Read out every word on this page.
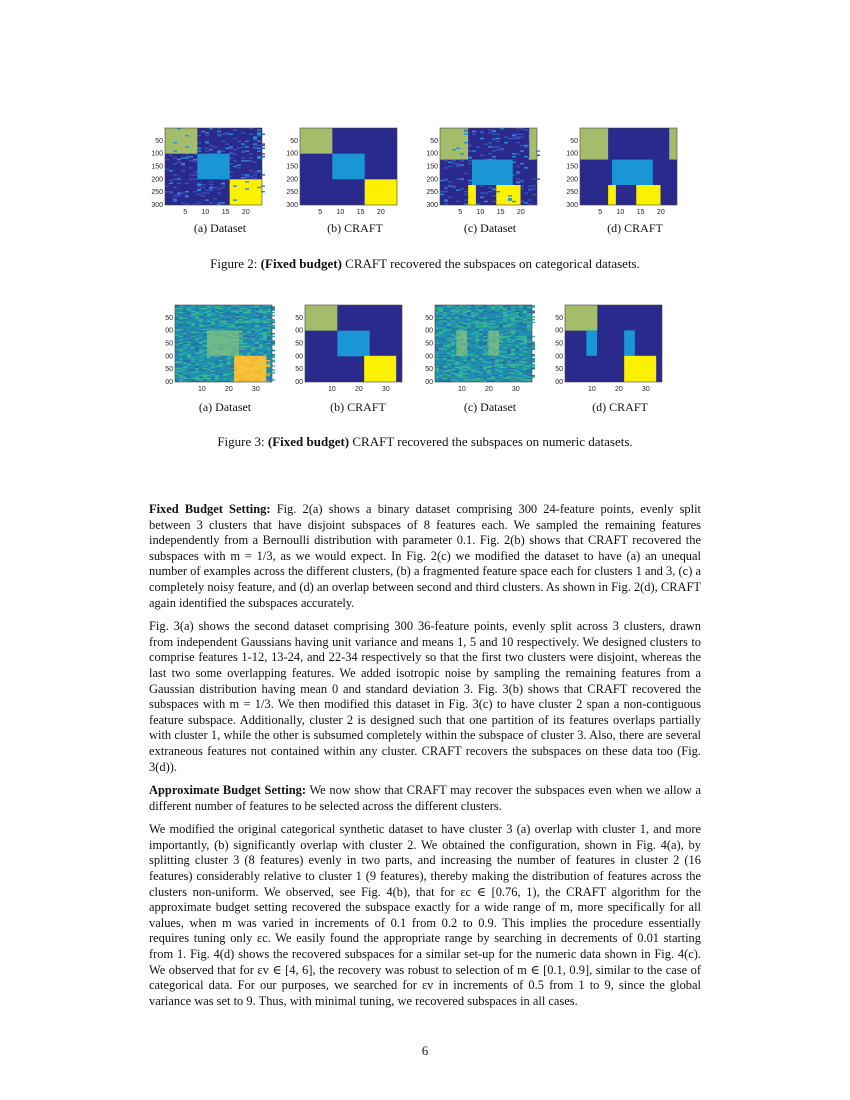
50
100
150
200
250
300
5 10 15 20
50
100
150
200
250
300
5 10 15 20
50
100
150
200
250
300
5 10 15 20
50
100
150
200
250
300
5 10 15 20
(a) Dataset	(b) CRAFT	(c) Dataset	(d) CRAFT
Figure 2: (Fixed budget) CRAFT recovered the subspaces on categorical datasets.
50
00
50
00
50
00
10	20	30
50
00
50
00
50
00
10	20	30
50
00
50
00
50
00
10	20	30
50
00
50
00
50
00
10	20	30
(a) Dataset	(b) CRAFT	(c) Dataset	(d) CRAFT
Figure 3: (Fixed budget) CRAFT recovered the subspaces on numeric datasets.

Fixed Budget Setting: Fig. 2(a) shows a binary dataset comprising 300 24-feature points, evenly split between 3 clusters that have disjoint subspaces of 8 features each. We sampled the remaining features independently from a Bernoulli distribution with parameter 0.1. Fig. 2(b) shows that CRAFT recovered the subspaces with m = 1/3, as we would expect. In Fig. 2(c) we modified the dataset to have (a) an unequal number of examples across the different clusters, (b) a fragmented feature space each for clusters 1 and 3, (c) a completely noisy feature, and (d) an overlap between second and third clusters. As shown in Fig. 2(d), CRAFT again identified the subspaces accurately.

Fig. 3(a) shows the second dataset comprising 300 36-feature points, evenly split across 3 clusters, drawn from independent Gaussians having unit variance and means 1, 5 and 10 respectively. We designed clusters to comprise features 1-12, 13-24, and 22-34 respectively so that the first two clusters were disjoint, whereas the last two some overlapping features. We added isotropic noise by sampling the remaining features from a Gaussian distribution having mean 0 and standard deviation 3. Fig. 3(b) shows that CRAFT recovered the subspaces with m = 1/3. We then modified this dataset in Fig. 3(c) to have cluster 2 span a non-contiguous feature subspace. Additionally, cluster 2 is designed such that one partition of its features overlaps partially with cluster 1, while the other is subsumed completely within the subspace of cluster 3. Also, there are several extraneous features not contained within any cluster. CRAFT recovers the subspaces on these data too (Fig. 3(d)).

Approximate Budget Setting: We now show that CRAFT may recover the subspaces even when we allow a different number of features to be selected across the different clusters.

We modified the original categorical synthetic dataset to have cluster 3 (a) overlap with cluster 1, and more importantly, (b) significantly overlap with cluster 2. We obtained the configuration, shown in Fig. 4(a), by splitting cluster 3 (8 features) evenly in two parts, and increasing the number of features in cluster 2 (16 features) considerably relative to cluster 1 (9 features), thereby making the distribution of features across the clusters non-uniform. We observed, see Fig. 4(b), that for εc ∈ [0.76, 1), the CRAFT algorithm for the approximate budget setting recovered the subspace exactly for a wide range of m, more specifically for all values, when m was varied in increments of 0.1 from 0.2 to 0.9. This implies the procedure essentially requires tuning only εc. We easily found the appropriate range by searching in decrements of 0.01 starting from 1. Fig. 4(d) shows the recovered subspaces for a similar set-up for the numeric data shown in Fig. 4(c). We observed that for εv ∈ [4, 6], the recovery was robust to selection of m ∈ [0.1, 0.9], similar to the case of categorical data. For our purposes, we searched for εv in increments of 0.5 from 1 to 9, since the global variance was set to 9. Thus, with minimal tuning, we recovered subspaces in all cases.

6
